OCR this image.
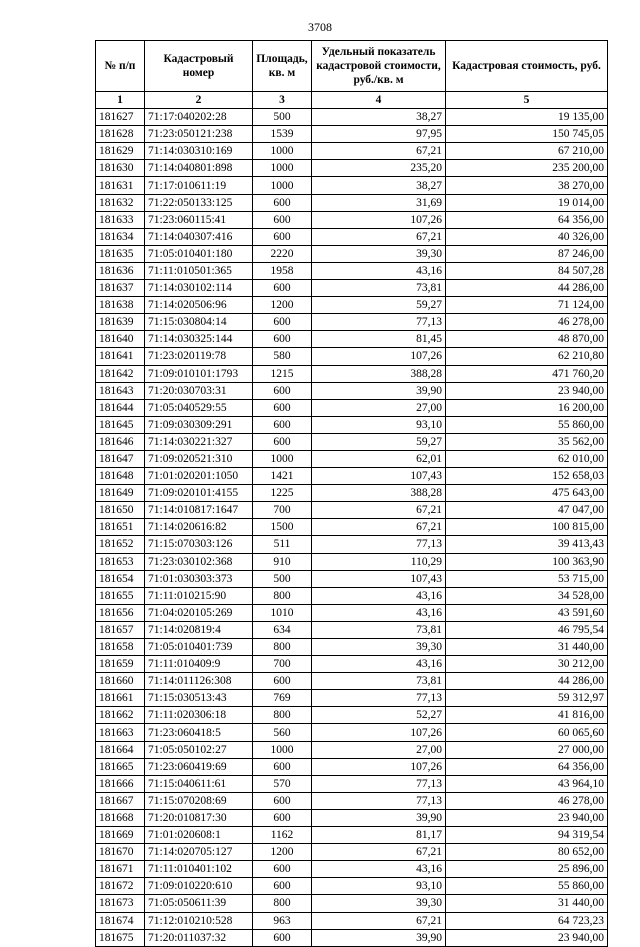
3708
№ п/п	Кадастровый номер	Площадь, кв. м	Удельный показатель кадастровой стоимости, руб./кв. м	Кадастровая стоимость, руб.
1	2	3	4	5
181627	71:17:040202:28	500	38,27	19 135,00
181628	71:23:050121:238	1539	97,95	150 745,05
181629	71:14:030310:169	1000	67,21	67 210,00
181630	71:14:040801:898	1000	235,20	235 200,00
181631	71:17:010611:19	1000	38,27	38 270,00
181632	71:22:050133:125	600	31,69	19 014,00
181633	71:23:060115:41	600	107,26	64 356,00
181634	71:14:040307:416	600	67,21	40 326,00
181635	71:05:010401:180	2220	39,30	87 246,00
181636	71:11:010501:365	1958	43,16	84 507,28
181637	71:14:030102:114	600	73,81	44 286,00
181638	71:14:020506:96	1200	59,27	71 124,00
181639	71:15:030804:14	600	77,13	46 278,00
181640	71:14:030325:144	600	81,45	48 870,00
181641	71:23:020119:78	580	107,26	62 210,80
181642	71:09:010101:1793	1215	388,28	471 760,20
181643	71:20:030703:31	600	39,90	23 940,00
181644	71:05:040529:55	600	27,00	16 200,00
181645	71:09:030309:291	600	93,10	55 860,00
181646	71:14:030221:327	600	59,27	35 562,00
181647	71:09:020521:310	1000	62,01	62 010,00
181648	71:01:020201:1050	1421	107,43	152 658,03
181649	71:09:020101:4155	1225	388,28	475 643,00
181650	71:14:010817:1647	700	67,21	47 047,00
181651	71:14:020616:82	1500	67,21	100 815,00
181652	71:15:070303:126	511	77,13	39 413,43
181653	71:23:030102:368	910	110,29	100 363,90
181654	71:01:030303:373	500	107,43	53 715,00
181655	71:11:010215:90	800	43,16	34 528,00
181656	71:04:020105:269	1010	43,16	43 591,60
181657	71:14:020819:4	634	73,81	46 795,54
181658	71:05:010401:739	800	39,30	31 440,00
181659	71:11:010409:9	700	43,16	30 212,00
181660	71:14:011126:308	600	73,81	44 286,00
181661	71:15:030513:43	769	77,13	59 312,97
181662	71:11:020306:18	800	52,27	41 816,00
181663	71:23:060418:5	560	107,26	60 065,60
181664	71:05:050102:27	1000	27,00	27 000,00
181665	71:23:060419:69	600	107,26	64 356,00
181666	71:15:040611:61	570	77,13	43 964,10
181667	71:15:070208:69	600	77,13	46 278,00
181668	71:20:010817:30	600	39,90	23 940,00
181669	71:01:020608:1	1162	81,17	94 319,54
181670	71:14:020705:127	1200	67,21	80 652,00
181671	71:11:010401:102	600	43,16	25 896,00
181672	71:09:010220:610	600	93,10	55 860,00
181673	71:05:050611:39	800	39,30	31 440,00
181674	71:12:010210:528	963	67,21	64 723,23
181675	71:20:011037:32	600	39,90	23 940,00
